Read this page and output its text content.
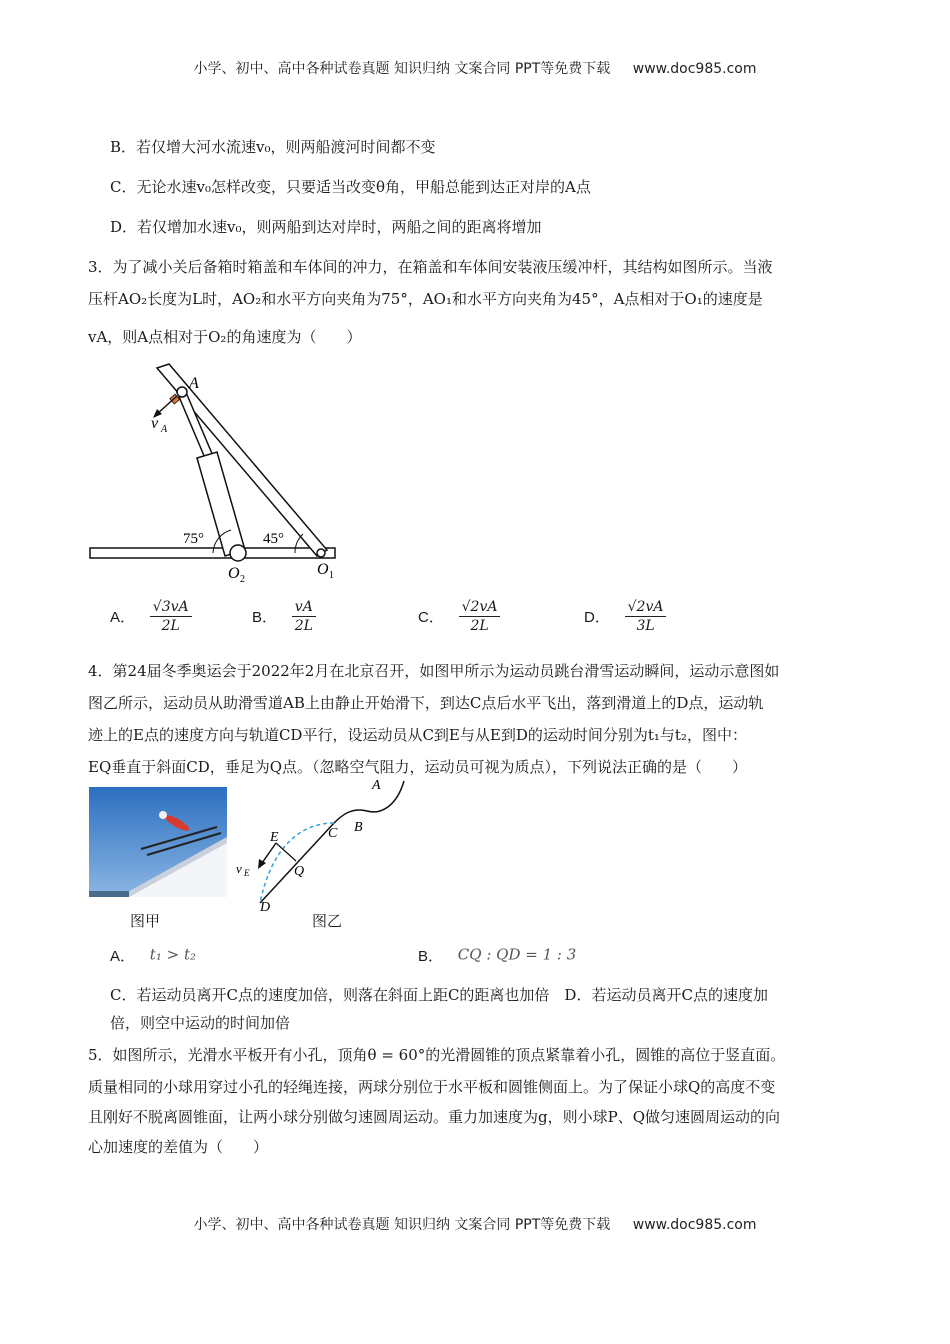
小学、初中、高中各种试卷真题 知识归纳 文案合同 PPT等免费下载 www.doc985.com
B．若仅增大河水流速v₀，则两船渡河时间都不变
C．无论水速v₀怎样改变，只要适当改变θ角，甲船总能到达正对岸的A点
D．若仅增加水速v₀，则两船到达对岸时，两船之间的距离将增加
3．为了减小关后备箱时箱盖和车体间的冲力，在箱盖和车体间安装液压缓冲杆，其结构如图所示。当液
压杆AO₂长度为L时，AO₂和水平方向夹角为75°，AO₁和水平方向夹角为45°，A点相对于O₁的速度是
vA，则A点相对于O₂的角速度为（　　）
A
v A
75°	45°
O 2
O 1
A． $\frac{√3vA}{2L}$	B． $\frac{vA}{2L}$	C． $\frac{√2vA}{2L}$	D． $\frac{√2vA}{3L}$
4．第24届冬季奥运会于2022年2月在北京召开，如图甲所示为运动员跳台滑雪运动瞬间，运动示意图如
图乙所示，运动员从助滑雪道AB上由静止开始滑下，到达C点后水平飞出，落到滑道上的D点，运动轨
迹上的E点的速度方向与轨道CD平行，设运动员从C到E与从E到D的运动时间分别为t₁与t₂，图中：
EQ垂直于斜面CD，垂足为Q点。（忽略空气阻力，运动员可视为质点），下列说法正确的是（　　）
A
B
C
E
Q
D
v E
图甲	图乙
A． t₁ > t₂	B． CQ : QD = 1 : 3
C．若运动员离开C点的速度加倍，则落在斜面上距C的距离也加倍　D．若运动员离开C点的速度加
倍，则空中运动的时间加倍
5．如图所示，光滑水平板开有小孔，顶角θ = 60°的光滑圆锥的顶点紧靠着小孔，圆锥的高位于竖直面。
质量相同的小球用穿过小孔的轻绳连接，两球分别位于水平板和圆锥侧面上。为了保证小球Q的高度不变
且刚好不脱离圆锥面，让两小球分别做匀速圆周运动。重力加速度为g，则小球P、Q做匀速圆周运动的向
心加速度的差值为（　　）
小学、初中、高中各种试卷真题 知识归纳 文案合同 PPT等免费下载 www.doc985.com
